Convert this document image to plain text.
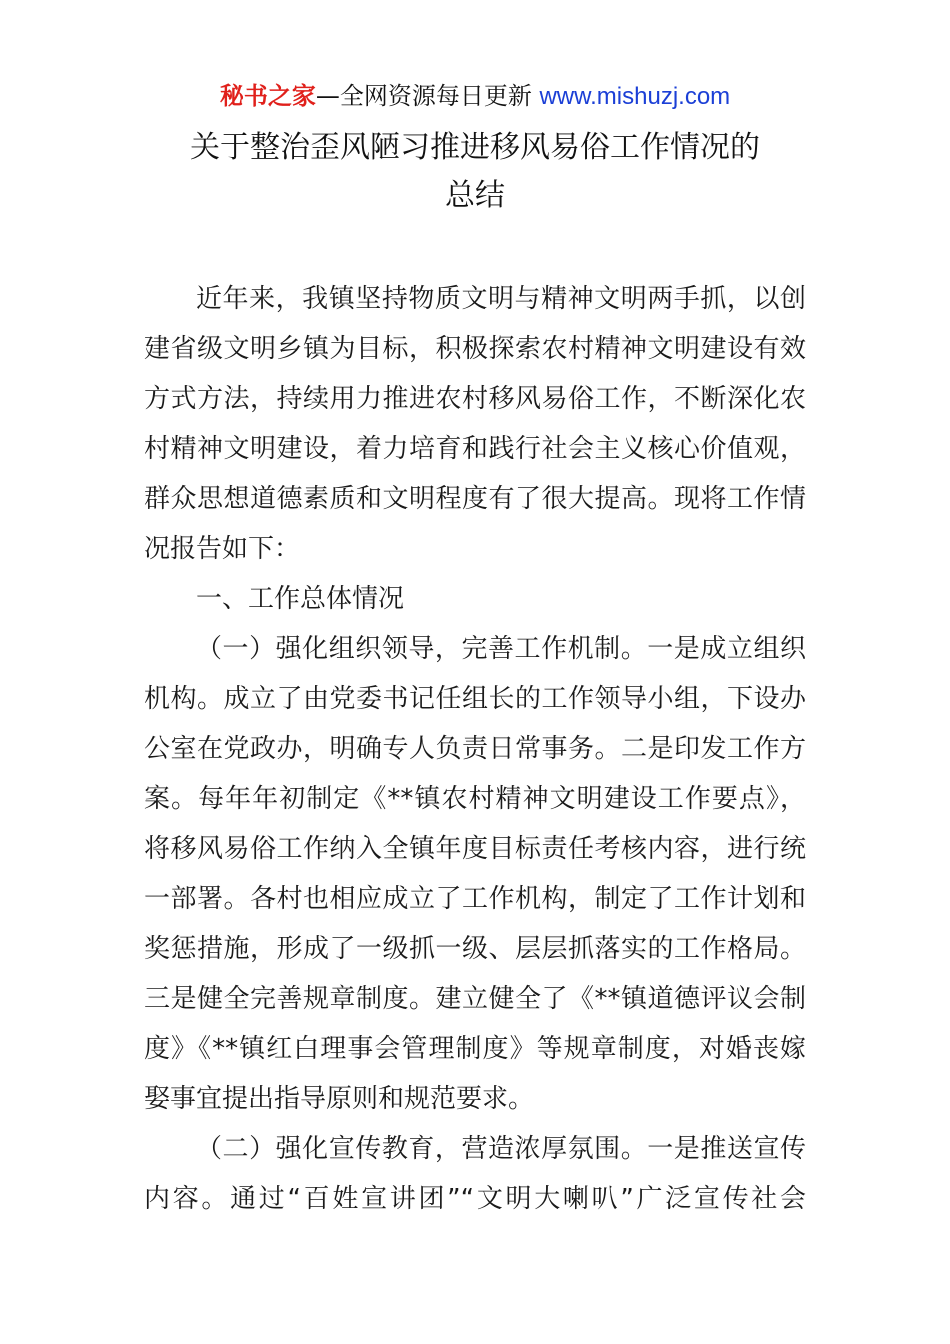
秘书之家—全网资源每日更新 www.mishuzj.com
关于整治歪风陋习推进移风易俗工作情况的
总结
近年来，我镇坚持物质文明与精神文明两手抓，以创
建省级文明乡镇为目标，积极探索农村精神文明建设有效
方式方法，持续用力推进农村移风易俗工作，不断深化农
村精神文明建设，着力培育和践行社会主义核心价值观，
群众思想道德素质和文明程度有了很大提高。现将工作情
况报告如下：
一、工作总体情况
（一）强化组织领导，完善工作机制。一是成立组织
机构。成立了由党委书记任组长的工作领导小组，下设办
公室在党政办，明确专人负责日常事务。二是印发工作方
案。每年年初制定《**镇农村精神文明建设工作要点》，
将移风易俗工作纳入全镇年度目标责任考核内容，进行统
一部署。各村也相应成立了工作机构，制定了工作计划和
奖惩措施，形成了一级抓一级、层层抓落实的工作格局。
三是健全完善规章制度。建立健全了《**镇道德评议会制
度》《**镇红白理事会管理制度》等规章制度，对婚丧嫁
娶事宜提出指导原则和规范要求。
（二）强化宣传教育，营造浓厚氛围。一是推送宣传
内容。通过“百姓宣讲团”“文明大喇叭”广泛宣传社会
